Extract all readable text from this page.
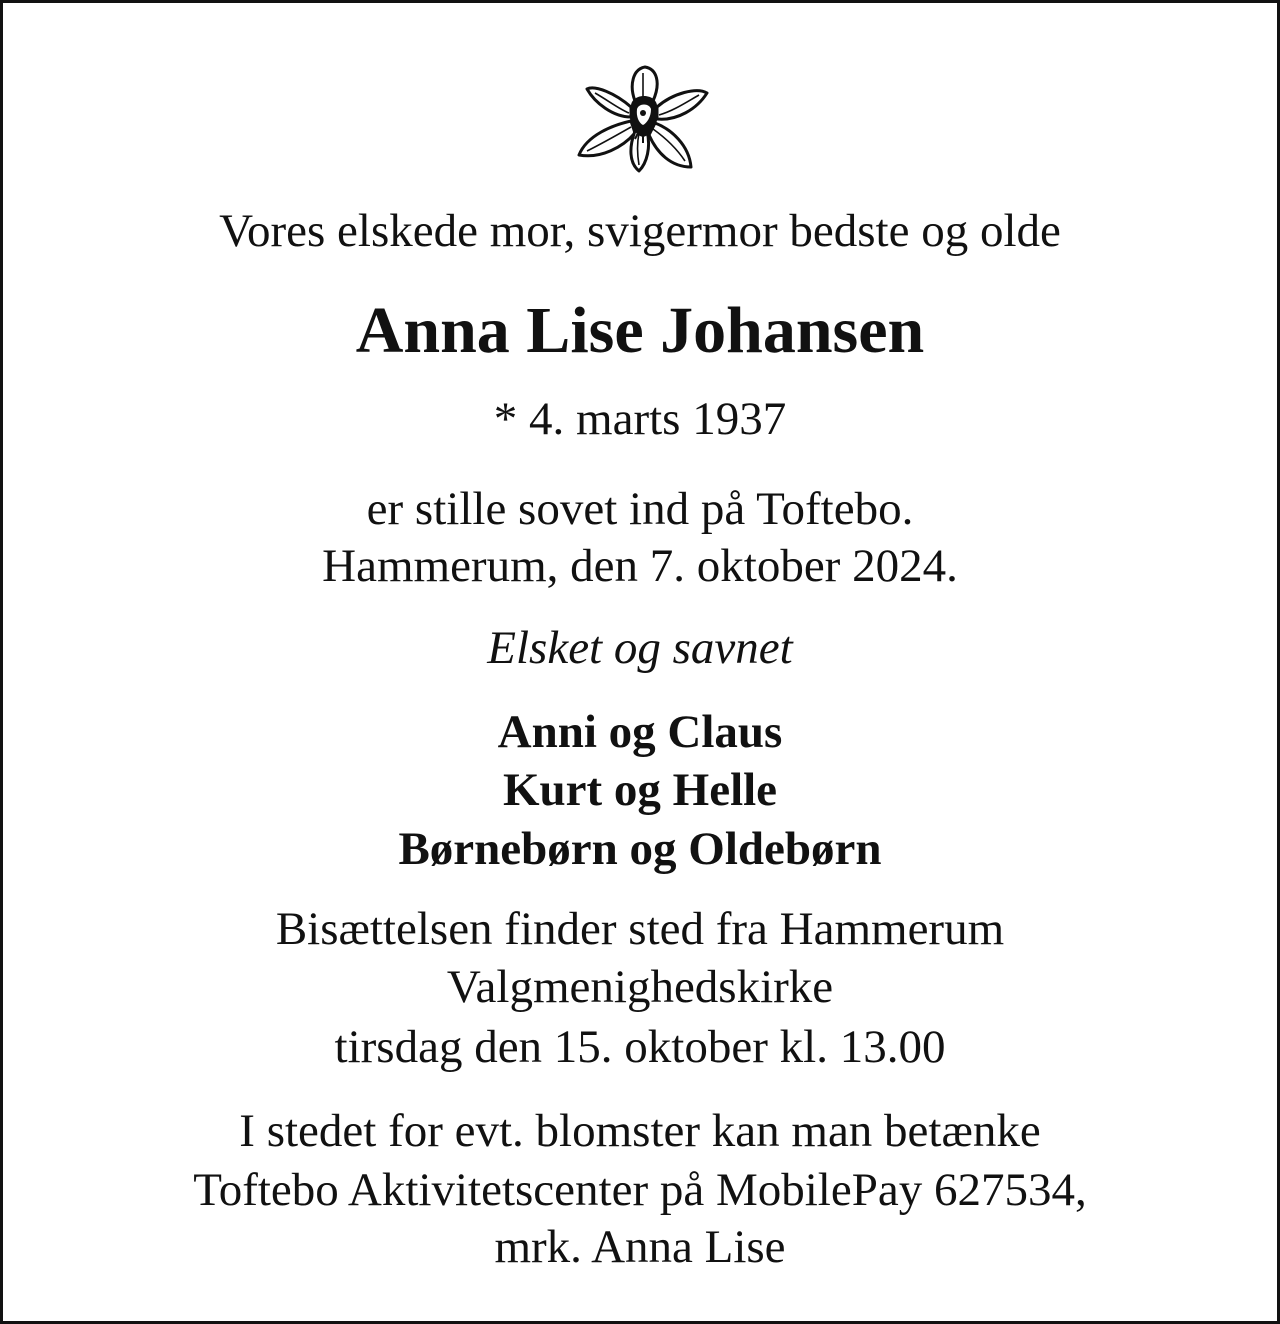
Vores elskede mor, svigermor bedste og olde

Anna Lise Johansen

* 4. marts 1937

er stille sovet ind på Toftebo.

Hammerum, den 7. oktober 2024.

Elsket og savnet

Anni og Claus

Kurt og Helle

Børnebørn og Oldebørn

Bisættelsen finder sted fra Hammerum

Valgmenighedskirke

tirsdag den 15. oktober kl. 13.00

I stedet for evt. blomster kan man betænke

Toftebo Aktivitetscenter på MobilePay 627534,

mrk. Anna Lise
